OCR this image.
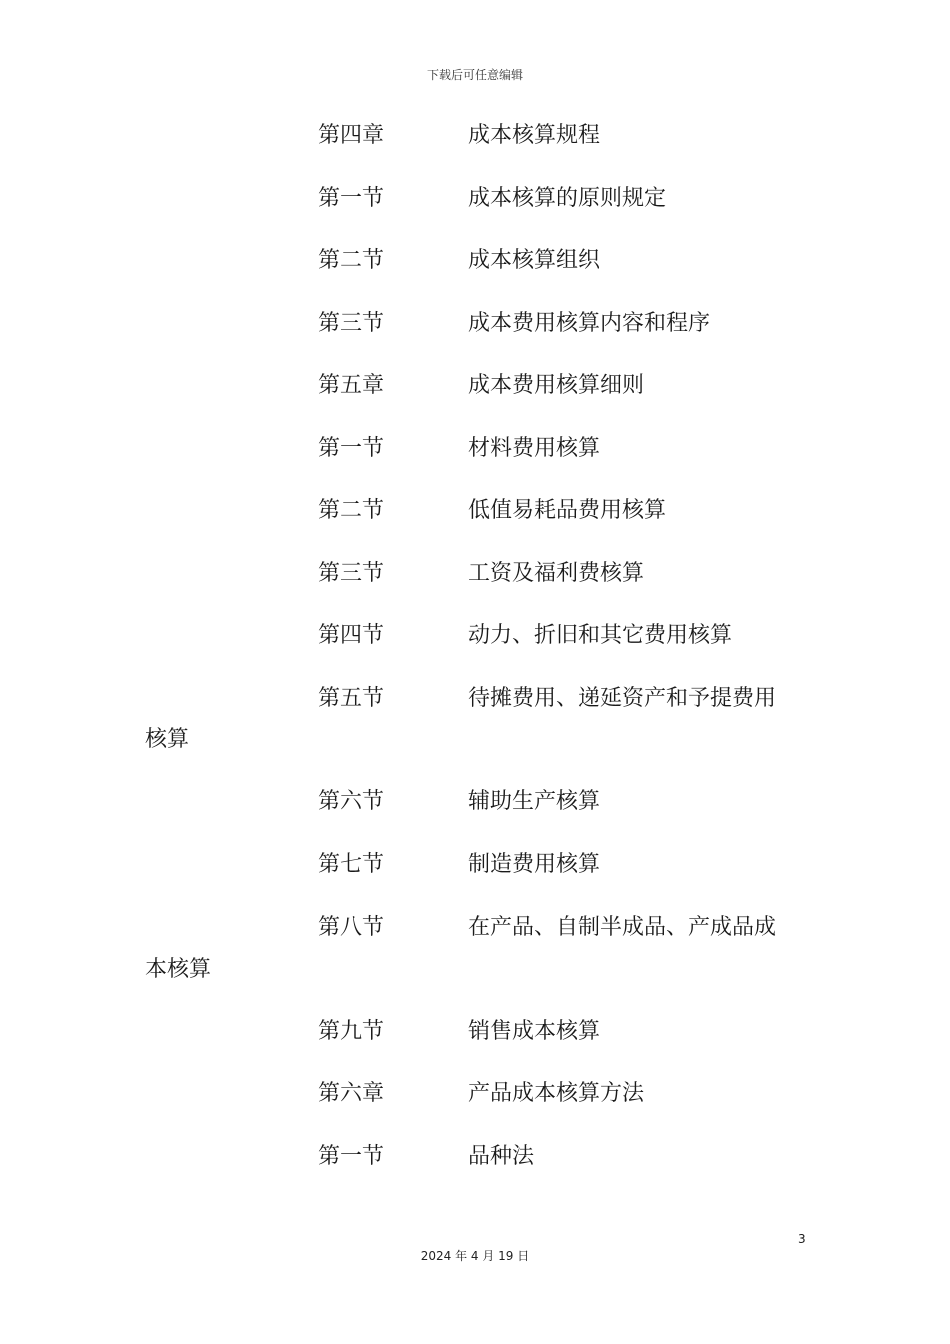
下载后可任意编辑
第四章	成本核算规程
第一节	成本核算的原则规定
第二节	成本核算组织
第三节	成本费用核算内容和程序
第五章	成本费用核算细则
第一节	材料费用核算
第二节	低值易耗品费用核算
第三节	工资及福利费核算
第四节	动力、折旧和其它费用核算
第五节	待摊费用、递延资产和予提费用
核算
第六节	辅助生产核算
第七节	制造费用核算
第八节	在产品、自制半成品、产成品成
本核算
第九节	销售成本核算
第六章	产品成本核算方法
第一节	品种法
3
2024 年 4 月 19 日
